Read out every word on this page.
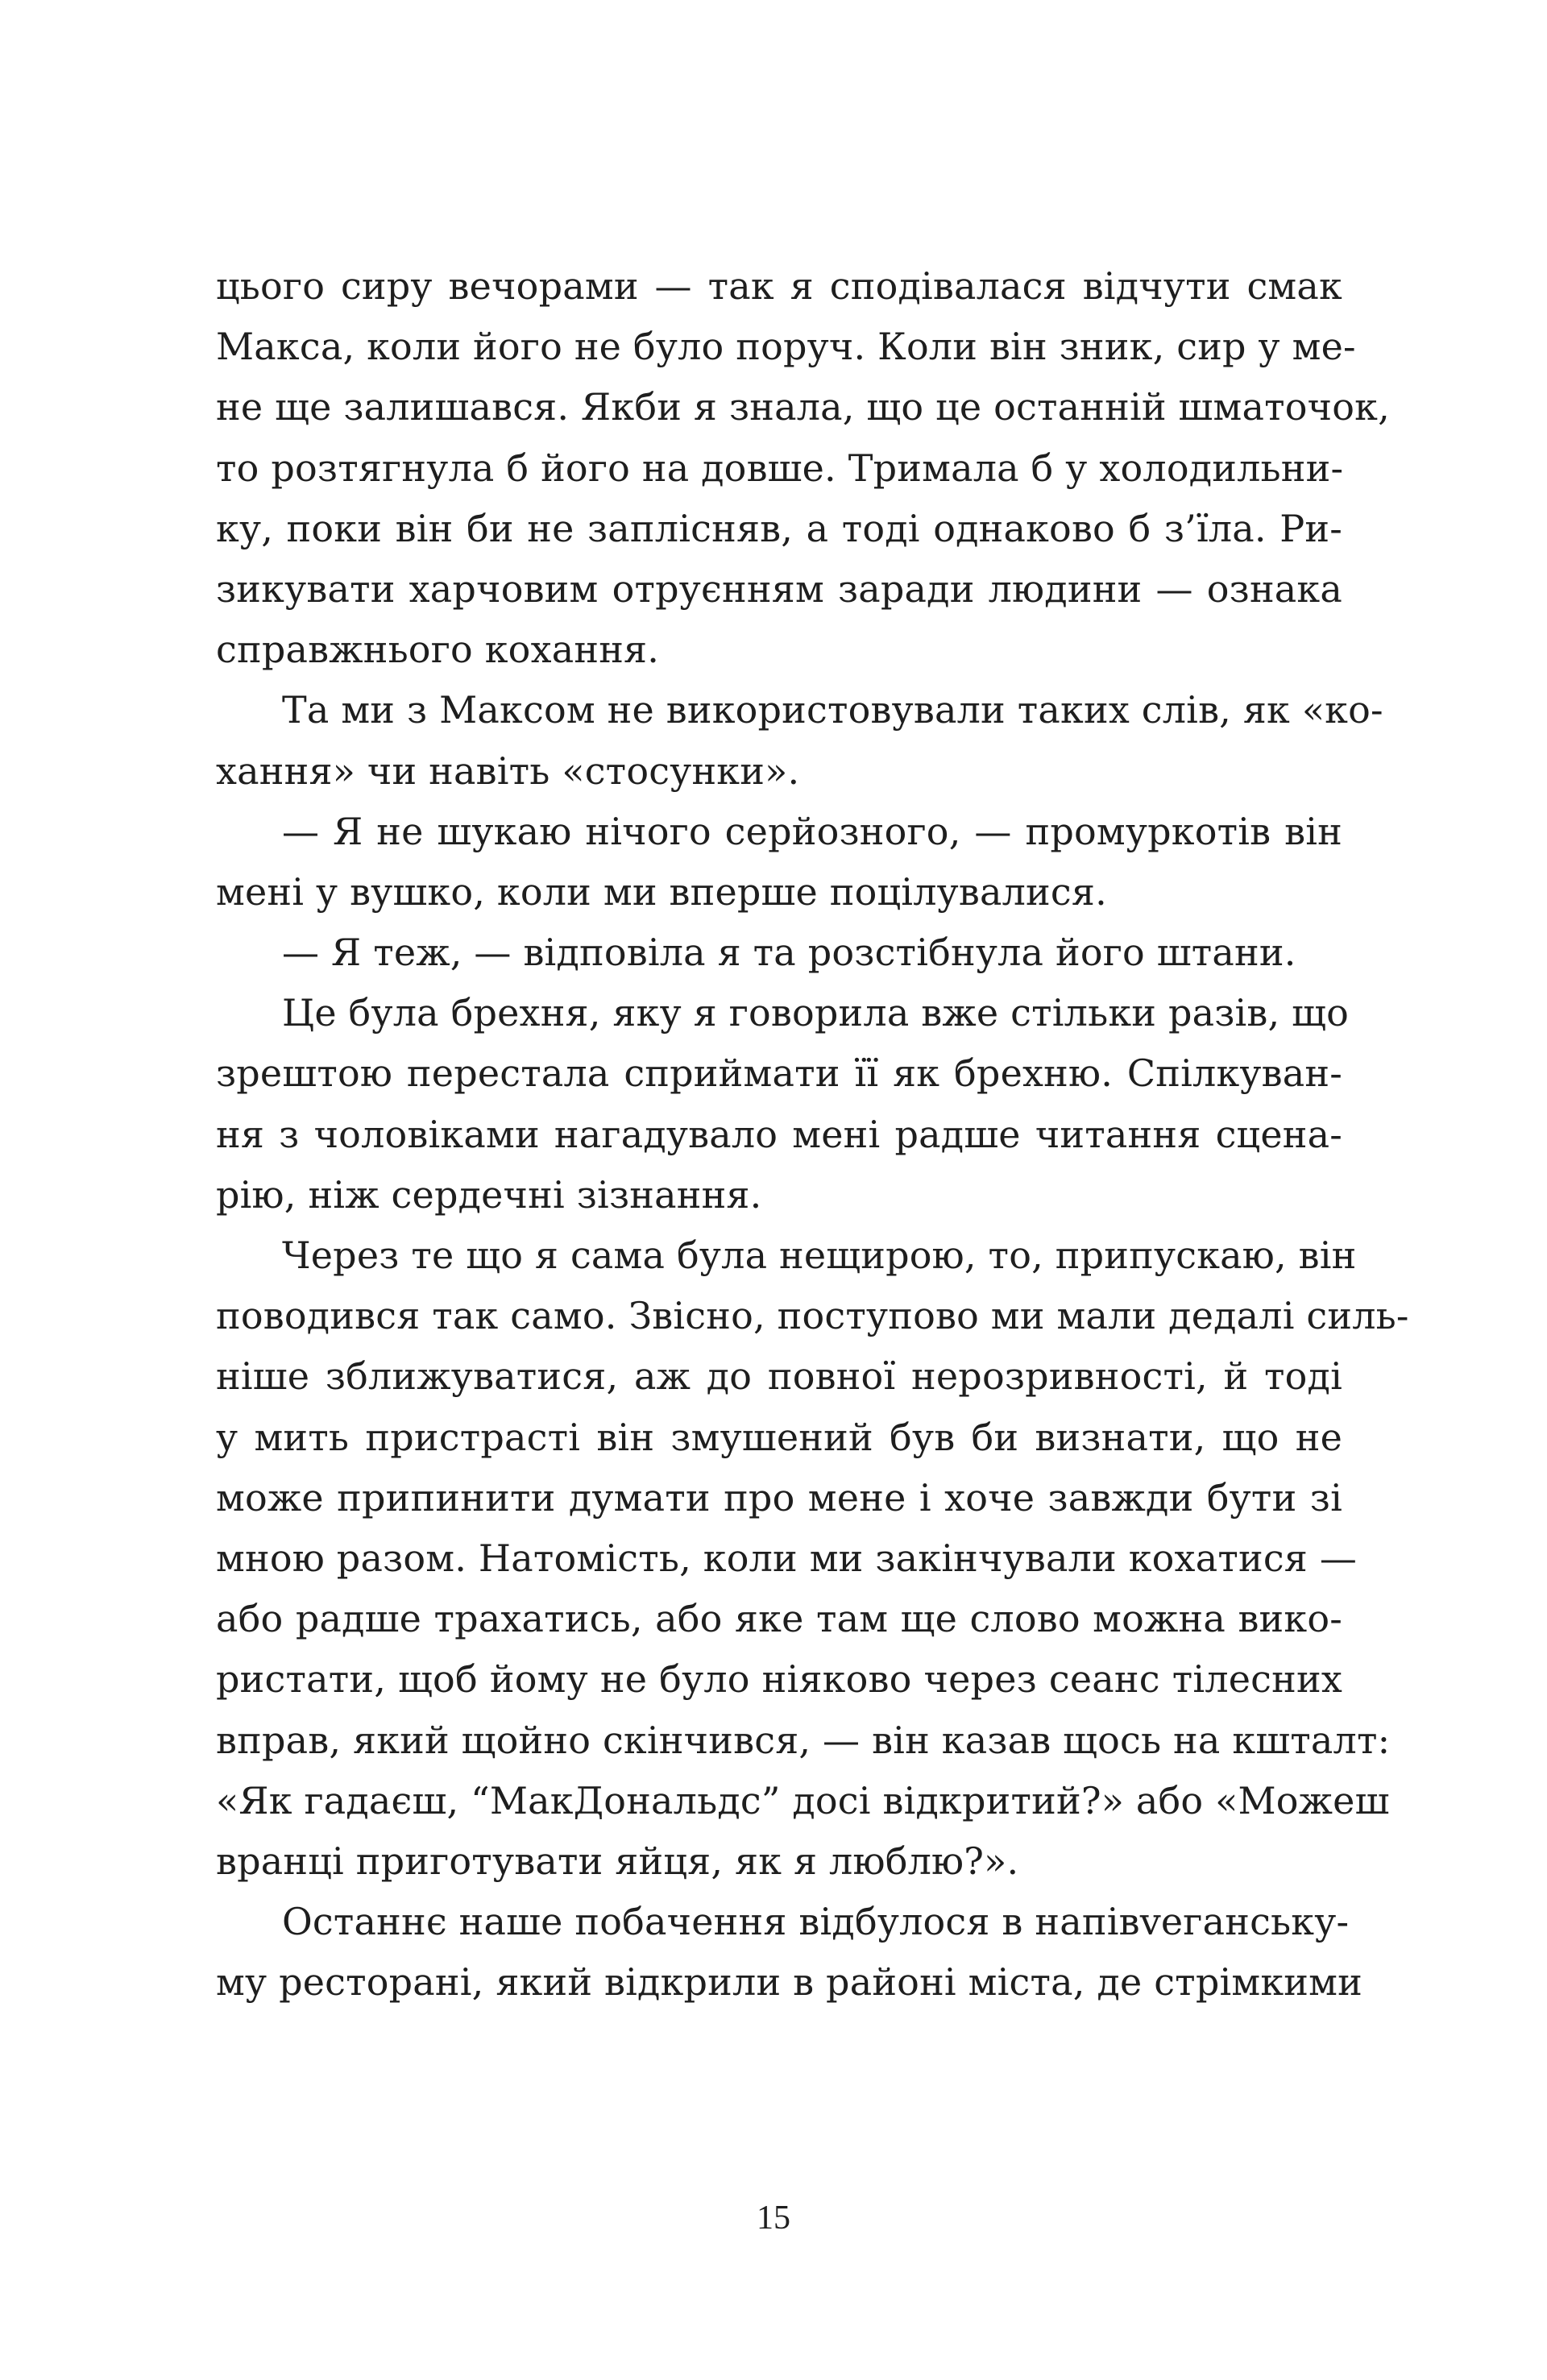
цього сиру вечорами — так я сподівалася відчути смак
Макса, коли його не було поруч. Коли він зник, сир у ме-
не ще залишався. Якби я знала, що це останній шматочок,
то розтягнула б його на довше. Тримала б у холодильни-
ку, поки він би не заплісняв, а тоді однаково б з’їла. Ри-
зикувати харчовим отруєнням заради людини — ознака
справжнього кохання.
Та ми з Максом не використовували таких слів, як «ко-
хання» чи навіть «стосунки».
— Я не шукаю нічого серйозного, — промуркотів він
мені у вушко, коли ми вперше поцілувалися.
— Я теж, — відповіла я та розстібнула його штани.
Це була брехня, яку я говорила вже стільки разів, що
зрештою перестала сприймати її як брехню. Спілкуван-
ня з чоловіками нагадувало мені радше читання сцена-
рію, ніж сердечні зізнання.
Через те що я сама була нещирою, то, припускаю, він
поводився так само. Звісно, поступово ми мали дедалі силь-
ніше зближуватися, аж до повної нерозривності, й тоді
у мить пристрасті він змушений був би визнати, що не
може припинити думати про мене і хоче завжди бути зі
мною разом. Натомість, коли ми закінчували кохатися —
або радше трахатись, або яке там ще слово можна вико-
ристати, щоб йому не було ніяково через сеанс тілесних
вправ, який щойно скінчився, — він казав щось на кшталт:
«Як гадаєш, “МакДональдс” досі відкритий?» або «Можеш
вранці приготувати яйця, як я люблю?».
Останнє наше побачення відбулося в напівveганську-
му ресторані, який відкрили в районі міста, де стрімкими
15
